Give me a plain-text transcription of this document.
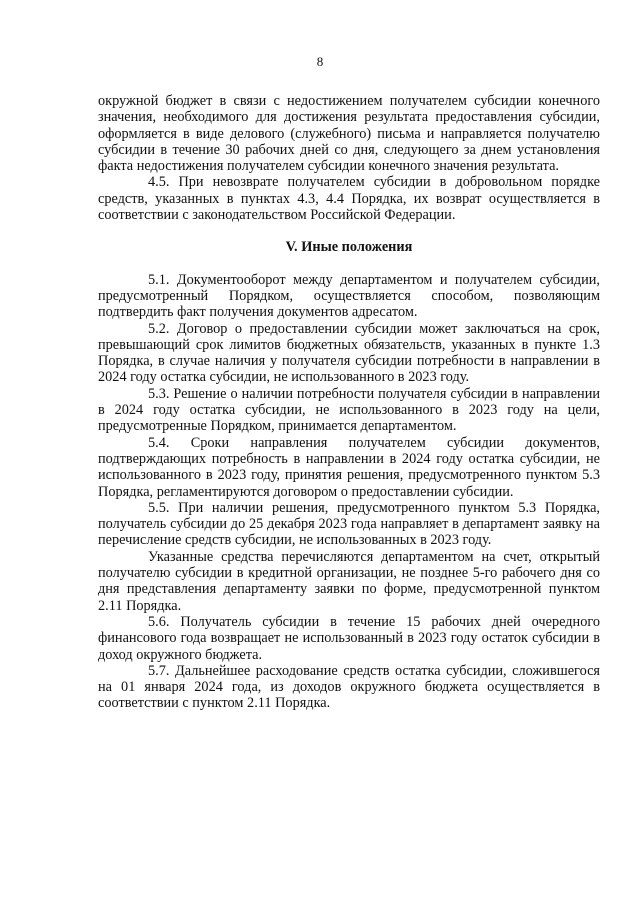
8

окружной бюджет в связи с недостижением получателем субсидии конечного значения, необходимого для достижения результата предоставления субсидии, оформляется в виде делового (служебного) письма и направляется получателю субсидии в течение 30 рабочих дней со дня, следующего за днем установления факта недостижения получателем субсидии конечного значения результата.

4.5. При невозврате получателем субсидии в добровольном порядке средств, указанных в пунктах 4.3, 4.4 Порядка, их возврат осуществляется в соответствии с законодательством Российской Федерации.

V. Иные положения

5.1. Документооборот между департаментом и получателем субсидии, предусмотренный Порядком, осуществляется способом, позволяющим подтвердить факт получения документов адресатом.

5.2. Договор о предоставлении субсидии может заключаться на срок, превышающий срок лимитов бюджетных обязательств, указанных в пункте 1.3 Порядка, в случае наличия у получателя субсидии потребности в направлении в 2024 году остатка субсидии, не использованного в 2023 году.

5.3. Решение о наличии потребности получателя субсидии в направлении в 2024 году остатка субсидии, не использованного в 2023 году на цели, предусмотренные Порядком, принимается департаментом.

5.4. Сроки направления получателем субсидии документов, подтверждающих потребность в направлении в 2024 году остатка субсидии, не использованного в 2023 году, принятия решения, предусмотренного пунктом 5.3 Порядка, регламентируются договором о предоставлении субсидии.

5.5. При наличии решения, предусмотренного пунктом 5.3 Порядка, получатель субсидии до 25 декабря 2023 года направляет в департамент заявку на перечисление средств субсидии, не использованных в 2023 году.

Указанные средства перечисляются департаментом на счет, открытый получателю субсидии в кредитной организации, не позднее 5-го рабочего дня со дня представления департаменту заявки по форме, предусмотренной пунктом 2.11 Порядка.

5.6. Получатель субсидии в течение 15 рабочих дней очередного финансового года возвращает не использованный в 2023 году остаток субсидии в доход окружного бюджета.

5.7. Дальнейшее расходование средств остатка субсидии, сложившегося на 01 января 2024 года, из доходов окружного бюджета осуществляется в соответствии с пунктом 2.11 Порядка.
